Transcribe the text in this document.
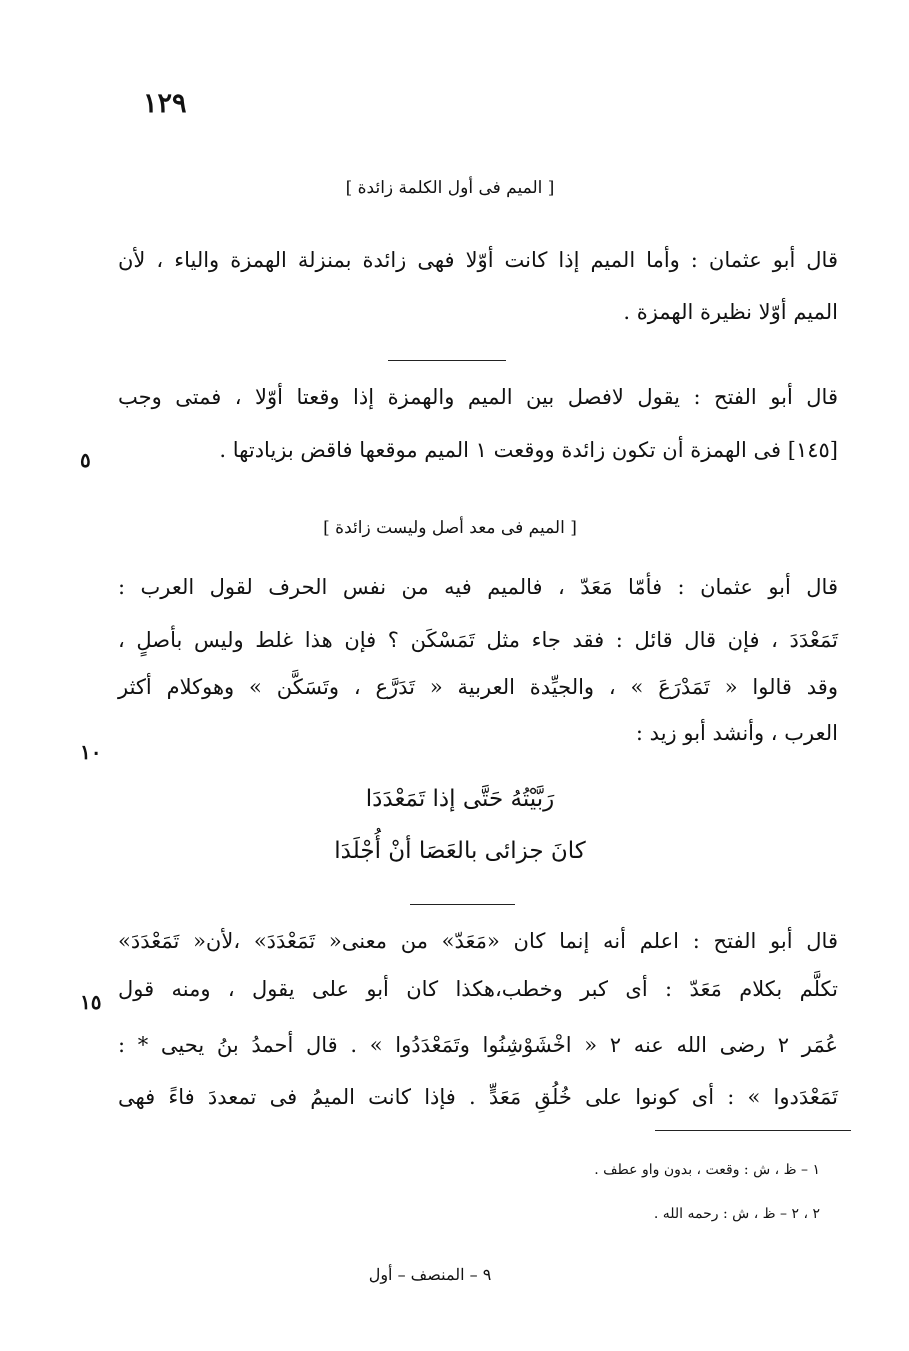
١٢٩
[ الميم فى أول الكلمة زائدة ]
قال أبو عثمان : وأما الميم إذا كانت أوّلا فهى زائدة بمنزلة الهمزة والياء ، لأن
الميم أوّلا نظيرة الهمزة .
قال أبو الفتح : يقول لافصل بين الميم والهمزة إذا وقعتا أوّلا ، فمتى وجب
[١٤٥] فى الهمزة أن تكون زائدة ووقعت ١ الميم موقعها فاقض بزيادتها .
٥
[ الميم فى معد أصل وليست زائدة ]
قال أبو عثمان : فأمّا مَعَدّ ، فالميم فيه من نفس الحرف لقول العرب :
تَمَعْدَدَ ، فإن قال قائل : فقد جاء مثل تَمَسْكَن ؟ فإن هذا غلط وليس بأصلٍ ،
وقد قالوا « تَمَدْرَعَ » ، والجيِّدة العربية « تَدَرَّع ، وتَسَكَّن » وهوكلام أكثر
العرب ، وأنشد أبو زيد :
١٠
رَبَّيْتُهُ حَتَّى إذا تَمَعْدَدَا
كانَ جزائى بالعَصَا أنْ أُجْلَدَا
قال أبو الفتح : اعلم أنه إنما كان «مَعَدّ» من معنى« تَمَعْدَدَ» ،لأن« تَمَعْدَدَ»
تكلَّم بكلام مَعَدّ : أى كبر وخطب،هكذا كان أبو على يقول ، ومنه قول
١٥
عُمَر ٢ رضى الله عنه ٢ « اخْشَوْشِنُوا وتَمَعْدَدُوا » . قال أحمدُ بنُ يحيى * :
تَمَعْدَدوا » : أى كونوا على خُلُقِ مَعَدٍّ . فإذا كانت الميمُ فى تمعددَ فاءً فهى
١ – ظ ، ش : وقعت ، بدون واو عطف .
٢ ، ٢ – ظ ، ش : رحمه الله .
٩ – المنصف – أول
